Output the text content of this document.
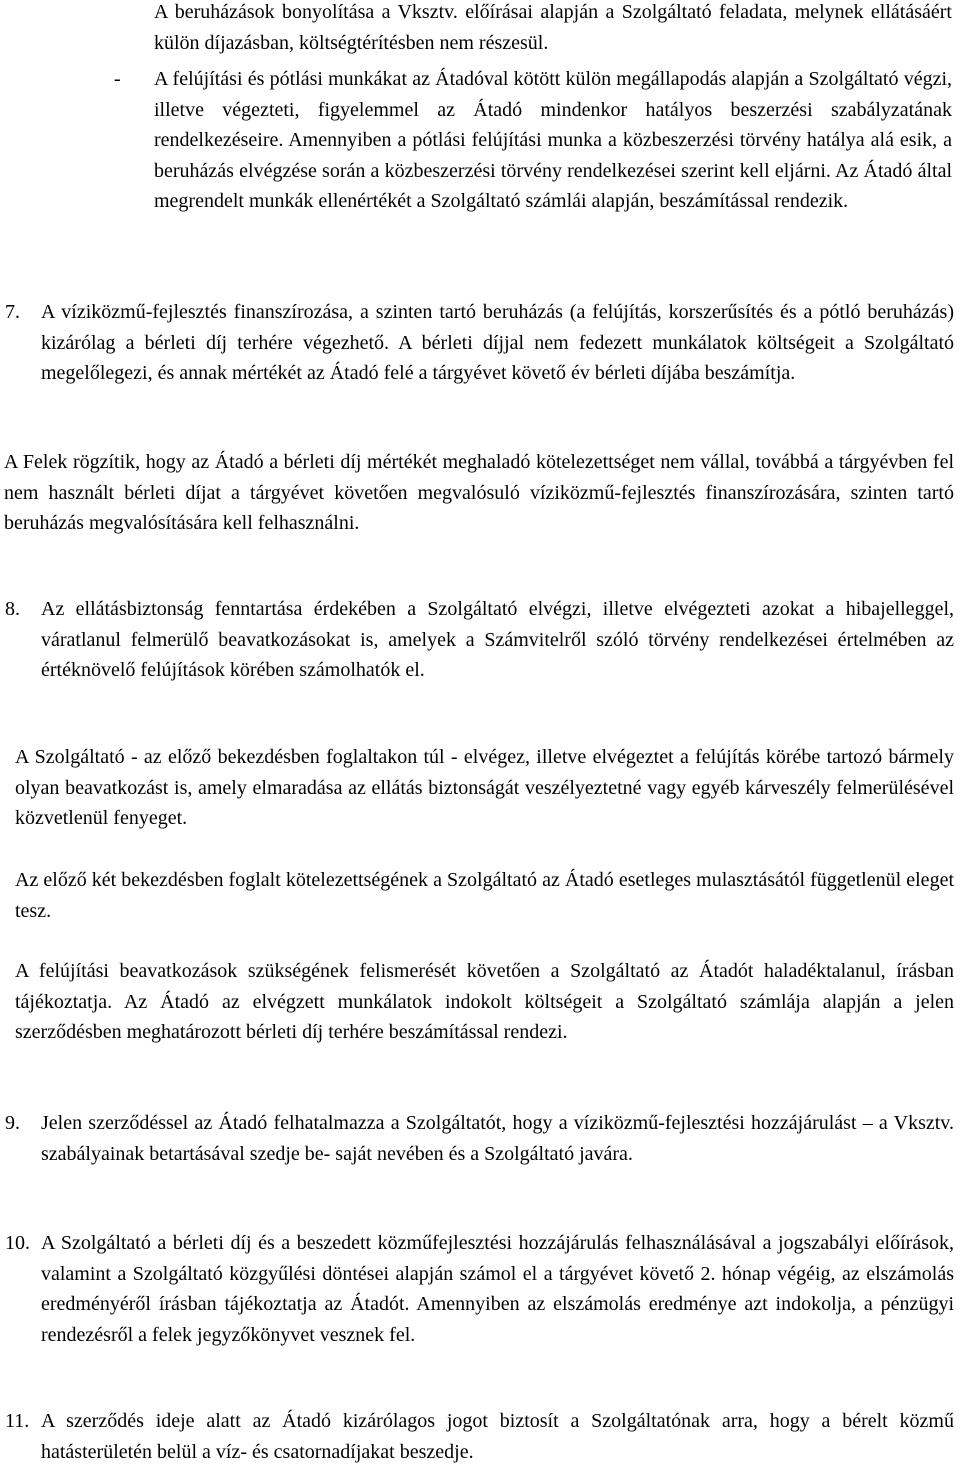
A beruházások bonyolítása a Vksztv. előírásai alapján a Szolgáltató feladata, melynek ellátásáért külön díjazásban, költségtérítésben nem részesül.

- A felújítási és pótlási munkákat az Átadóval kötött külön megállapodás alapján a Szolgáltató végzi, illetve végezteti, figyelemmel az Átadó mindenkor hatályos beszerzési szabályzatának rendelkezéseire. Amennyiben a pótlási felújítási munka a közbeszerzési törvény hatálya alá esik, a beruházás elvégzése során a közbeszerzési törvény rendelkezései szerint kell eljárni. Az Átadó által megrendelt munkák ellenértékét a Szolgáltató számlái alapján, beszámítással rendezik.

7. A víziközmű-fejlesztés finanszírozása, a szinten tartó beruházás (a felújítás, korszerűsítés és a pótló beruházás) kizárólag a bérleti díj terhére végezhető. A bérleti díjjal nem fedezett munkálatok költségeit a Szolgáltató megelőlegezi, és annak mértékét az Átadó felé a tárgyévet követő év bérleti díjába beszámítja.

A Felek rögzítik, hogy az Átadó a bérleti díj mértékét meghaladó kötelezettséget nem vállal, továbbá a tárgyévben fel nem használt bérleti díjat a tárgyévet követően megvalósuló víziközmű-fejlesztés finanszírozására, szinten tartó beruházás megvalósítására kell felhasználni.

8. Az ellátásbiztonság fenntartása érdekében a Szolgáltató elvégzi, illetve elvégezteti azokat a hibajelleggel, váratlanul felmerülő beavatkozásokat is, amelyek a Számvitelről szóló törvény rendelkezései értelmében az értéknövelő felújítások körében számolhatók el.

A Szolgáltató - az előző bekezdésben foglaltakon túl - elvégez, illetve elvégeztet a felújítás körébe tartozó bármely olyan beavatkozást is, amely elmaradása az ellátás biztonságát veszélyeztetné vagy egyéb kárveszély felmerülésével közvetlenül fenyeget.

Az előző két bekezdésben foglalt kötelezettségének a Szolgáltató az Átadó esetleges mulasztásától függetlenül eleget tesz.

A felújítási beavatkozások szükségének felismerését követően a Szolgáltató az Átadót haladéktalanul, írásban tájékoztatja. Az Átadó az elvégzett munkálatok indokolt költségeit a Szolgáltató számlája alapján a jelen szerződésben meghatározott bérleti díj terhére beszámítással rendezi.

9. Jelen szerződéssel az Átadó felhatalmazza a Szolgáltatót, hogy a víziközmű-fejlesztési hozzájárulást – a Vksztv. szabályainak betartásával szedje be- saját nevében és a Szolgáltató javára.

10. A Szolgáltató a bérleti díj és a beszedett közműfejlesztési hozzájárulás felhasználásával a jogszabályi előírások, valamint a Szolgáltató közgyűlési döntései alapján számol el a tárgyévet követő 2. hónap végéig, az elszámolás eredményéről írásban tájékoztatja az Átadót. Amennyiben az elszámolás eredménye azt indokolja, a pénzügyi rendezésről a felek jegyzőkönyvet vesznek fel.

11. A szerződés ideje alatt az Átadó kizárólagos jogot biztosít a Szolgáltatónak arra, hogy a bérelt közmű hatásterületén belül a víz- és csatornadíjakat beszedje.
